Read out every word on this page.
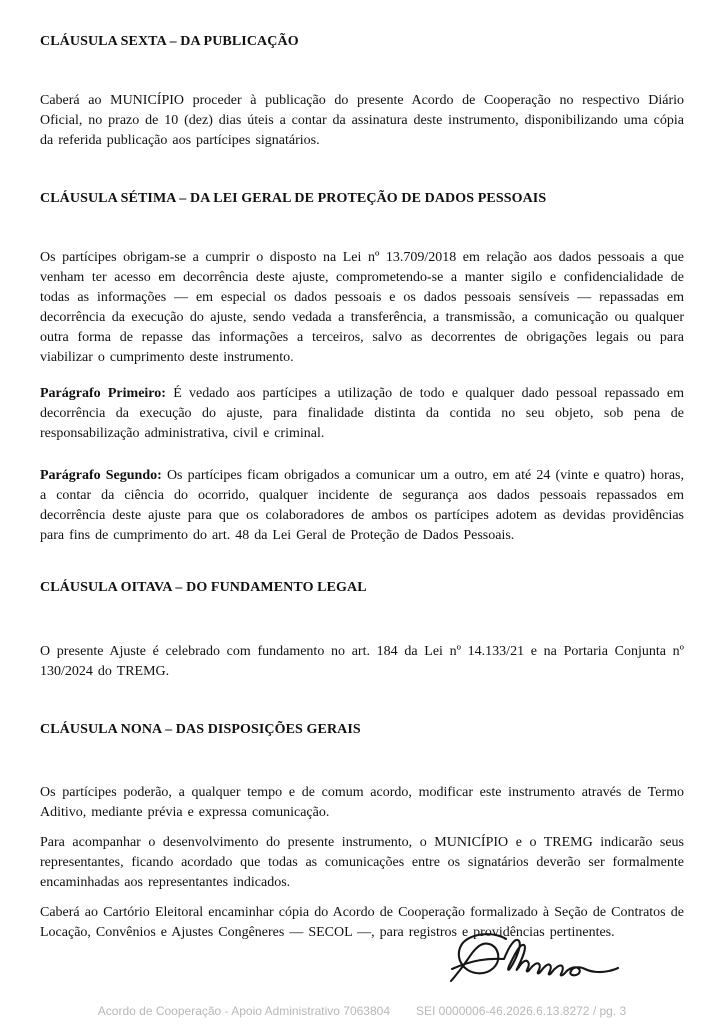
CLÁUSULA SEXTA – DA PUBLICAÇÃO

Caberá ao MUNICÍPIO proceder à publicação do presente Acordo de Cooperação no respectivo Diário Oficial, no prazo de 10 (dez) dias úteis a contar da assinatura deste instrumento, disponibilizando uma cópia da referida publicação aos partícipes signatários.

CLÁUSULA SÉTIMA – DA LEI GERAL DE PROTEÇÃO DE DADOS PESSOAIS

Os partícipes obrigam-se a cumprir o disposto na Lei nº 13.709/2018 em relação aos dados pessoais a que venham ter acesso em decorrência deste ajuste, comprometendo-se a manter sigilo e confidencialidade de todas as informações — em especial os dados pessoais e os dados pessoais sensíveis — repassadas em decorrência da execução do ajuste, sendo vedada a transferência, a transmissão, a comunicação ou qualquer outra forma de repasse das informações a terceiros, salvo as decorrentes de obrigações legais ou para viabilizar o cumprimento deste instrumento.

Parágrafo Primeiro: É vedado aos partícipes a utilização de todo e qualquer dado pessoal repassado em decorrência da execução do ajuste, para finalidade distinta da contida no seu objeto, sob pena de responsabilização administrativa, civil e criminal.

Parágrafo Segundo: Os partícipes ficam obrigados a comunicar um a outro, em até 24 (vinte e quatro) horas, a contar da ciência do ocorrido, qualquer incidente de segurança aos dados pessoais repassados em decorrência deste ajuste para que os colaboradores de ambos os partícipes adotem as devidas providências para fins de cumprimento do art. 48 da Lei Geral de Proteção de Dados Pessoais.

CLÁUSULA OITAVA – DO FUNDAMENTO LEGAL

O presente Ajuste é celebrado com fundamento no art. 184 da Lei nº 14.133/21 e na Portaria Conjunta nº 130/2024 do TREMG.

CLÁUSULA NONA – DAS DISPOSIÇÕES GERAIS

Os partícipes poderão, a qualquer tempo e de comum acordo, modificar este instrumento através de Termo Aditivo, mediante prévia e expressa comunicação.

Para acompanhar o desenvolvimento do presente instrumento, o MUNICÍPIO e o TREMG indicarão seus representantes, ficando acordado que todas as comunicações entre os signatários deverão ser formalmente encaminhadas aos representantes indicados.

Caberá ao Cartório Eleitoral encaminhar cópia do Acordo de Cooperação formalizado à Seção de Contratos de Locação, Convênios e Ajustes Congêneres — SECOL —, para registros e providências pertinentes.

Acordo de Cooperação - Apoio Administrativo 7063804 SEI 0000006-46.2026.6.13.8272 / pg. 3
